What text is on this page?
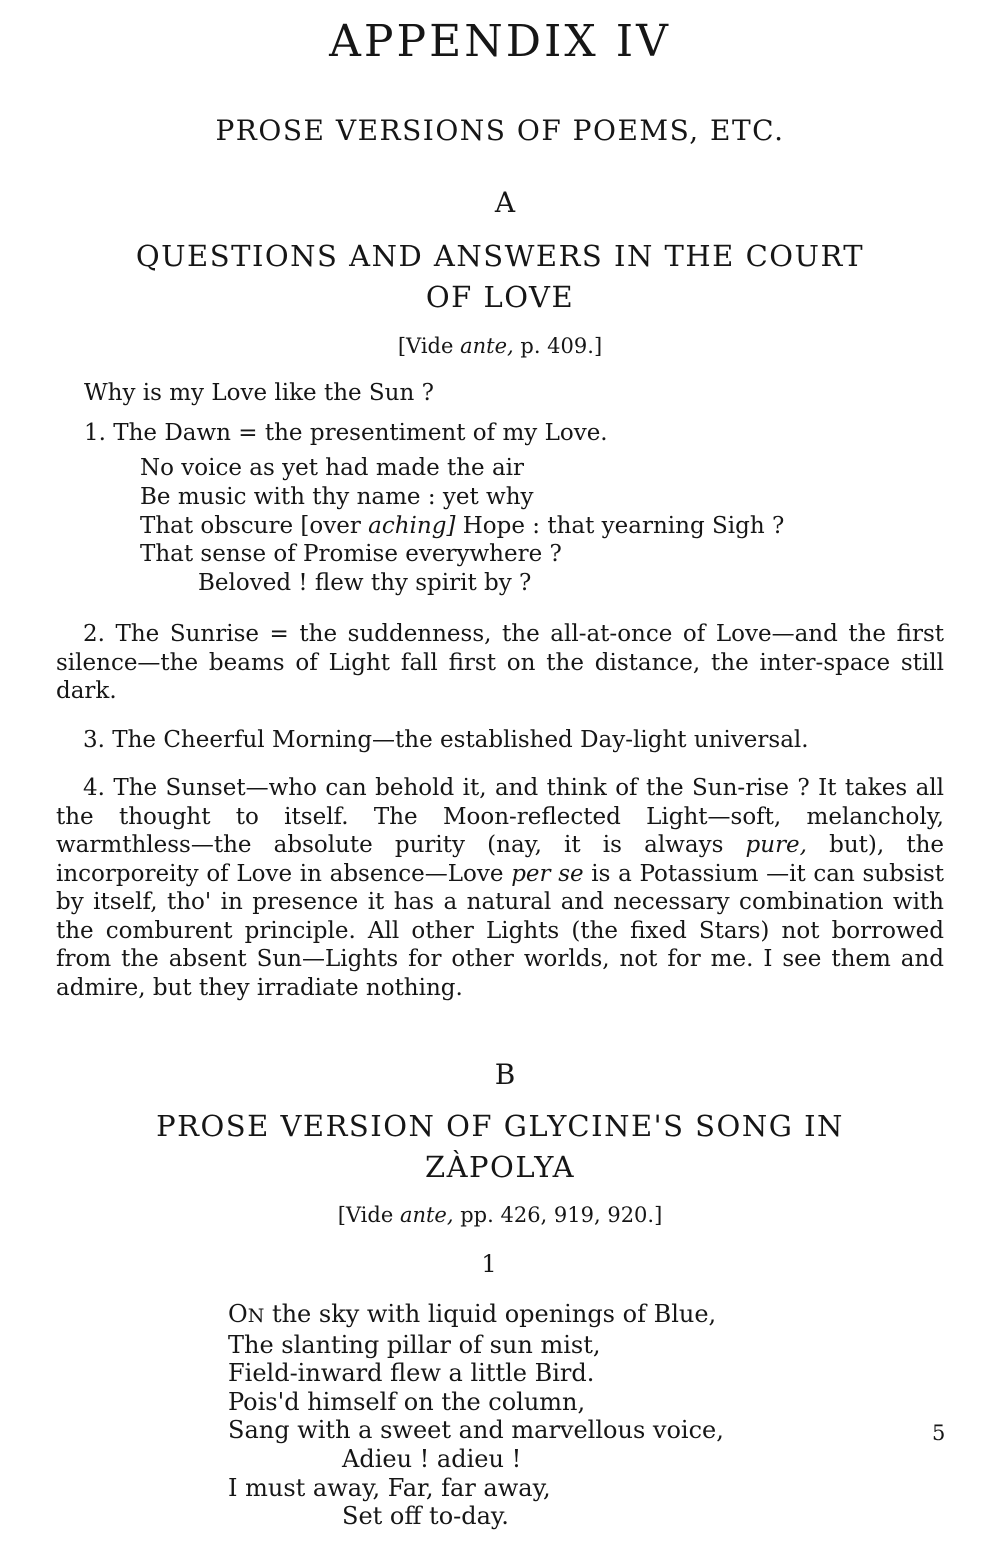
APPENDIX IV
PROSE VERSIONS OF POEMS, ETC.
A
QUESTIONS AND ANSWERS IN THE COURT
OF LOVE
[Vide ante, p. 409.]
Why is my Love like the Sun ?
1. The Dawn = the presentiment of my Love.
No voice as yet had made the air
Be music with thy name : yet why
That obscure [over aching] Hope : that yearning Sigh ?
That sense of Promise everywhere ?
Beloved ! flew thy spirit by ?

2. The Sunrise = the suddenness, the all-at-once of Love—and the first silence—the beams of Light fall first on the distance, the inter-space still dark.

3. The Cheerful Morning—the established Day-light universal.

4. The Sunset—who can behold it, and think of the Sun-rise ? It takes all the thought to itself. The Moon-reflected Light—soft, melancholy, warmthless—the absolute purity (nay, it is always pure, but), the incorporeity of Love in absence—Love per se is a Potassium —it can subsist by itself, tho' in presence it has a natural and necessary combination with the comburent principle. All other Lights (the fixed Stars) not borrowed from the absent Sun—Lights for other worlds, not for me. I see them and admire, but they irradiate nothing.

B
PROSE VERSION OF GLYCINE'S SONG IN
ZÀPOLYA
[Vide ante, pp. 426, 919, 920.]
1
ON the sky with liquid openings of Blue,
The slanting pillar of sun mist,
Field-inward flew a little Bird.
Pois'd himself on the column,
Sang with a sweet and marvellous voice,
Adieu ! adieu !
I must away, Far, far away,
Set off to-day.
5
